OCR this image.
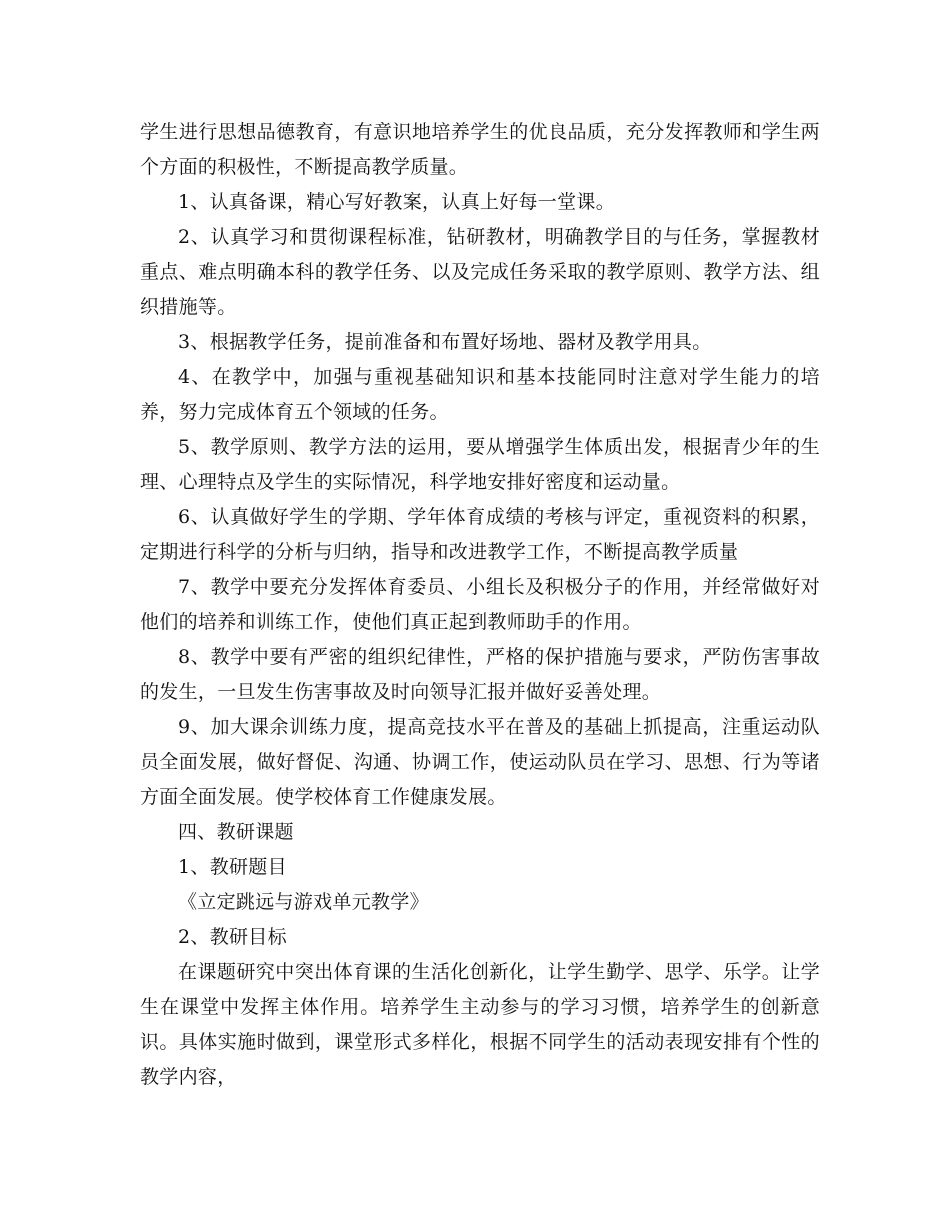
学生进行思想品德教育，有意识地培养学生的优良品质，充分发挥教师和学生两个方面的积极性，不断提高教学质量。

1、认真备课，精心写好教案，认真上好每一堂课。

2、认真学习和贯彻课程标准，钻研教材，明确教学目的与任务，掌握教材重点、难点明确本科的教学任务、以及完成任务采取的教学原则、教学方法、组织措施等。

3、根据教学任务，提前准备和布置好场地、器材及教学用具。

4、在教学中，加强与重视基础知识和基本技能同时注意对学生能力的培养，努力完成体育五个领域的任务。

5、教学原则、教学方法的运用，要从增强学生体质出发，根据青少年的生理、心理特点及学生的实际情况，科学地安排好密度和运动量。

6、认真做好学生的学期、学年体育成绩的考核与评定，重视资料的积累，定期进行科学的分析与归纳，指导和改进教学工作，不断提高教学质量

7、教学中要充分发挥体育委员、小组长及积极分子的作用，并经常做好对他们的培养和训练工作，使他们真正起到教师助手的作用。

8、教学中要有严密的组织纪律性，严格的保护措施与要求，严防伤害事故的发生，一旦发生伤害事故及时向领导汇报并做好妥善处理。

9、加大课余训练力度，提高竞技水平在普及的基础上抓提高，注重运动队员全面发展，做好督促、沟通、协调工作，使运动队员在学习、思想、行为等诸方面全面发展。使学校体育工作健康发展。

四、教研课题

1、教研题目

《立定跳远与游戏单元教学》

2、教研目标

在课题研究中突出体育课的生活化创新化，让学生勤学、思学、乐学。让学生在课堂中发挥主体作用。培养学生主动参与的学习习惯，培养学生的创新意识。具体实施时做到，课堂形式多样化，根据不同学生的活动表现安排有个性的教学内容，
